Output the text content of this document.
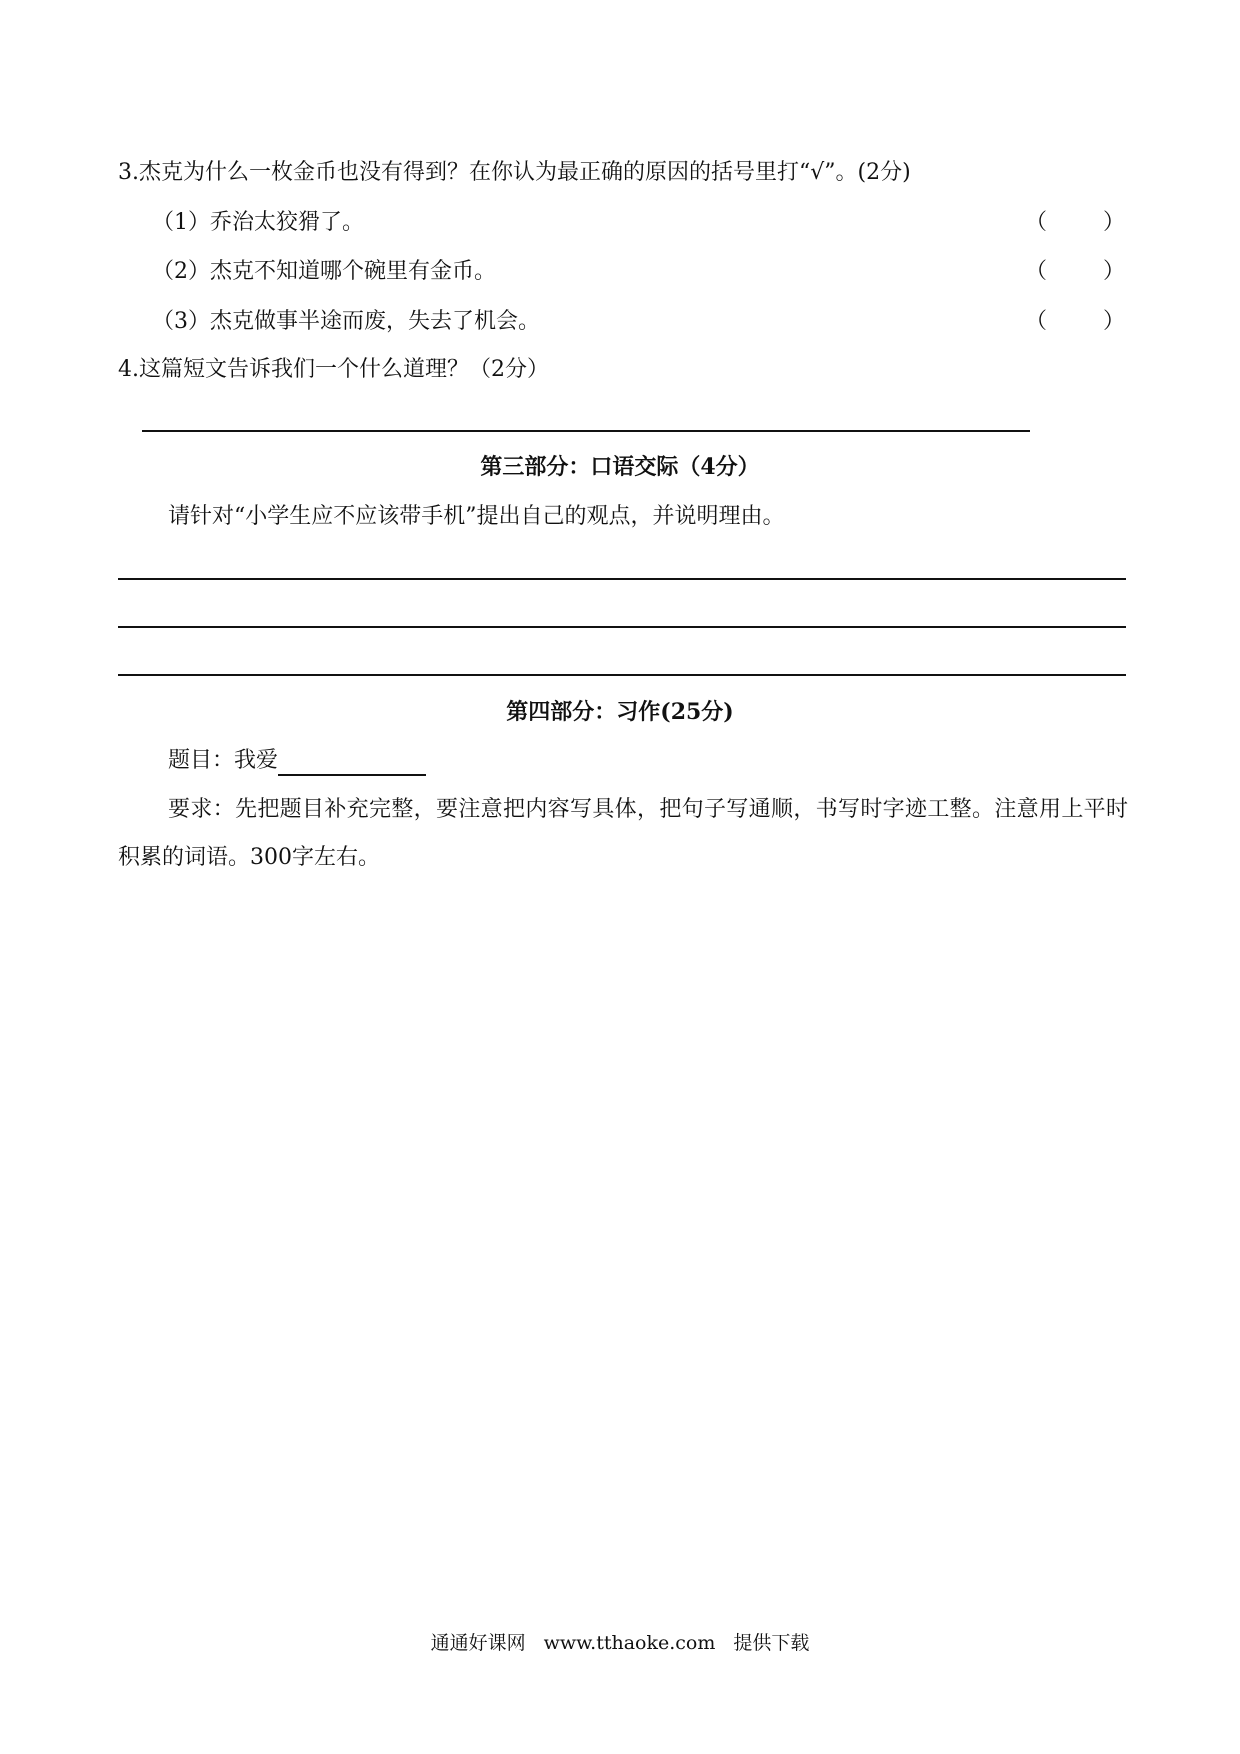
3.杰克为什么一枚金币也没有得到？在你认为最正确的原因的括号里打“√”。(2分)
（1）乔治太狡猾了。	（        ）
（2）杰克不知道哪个碗里有金币。	（        ）
（3）杰克做事半途而废，失去了机会。	（        ）
4.这篇短文告诉我们一个什么道理？（2分）
第三部分：口语交际（4分）
请针对“小学生应不应该带手机”提出自己的观点，并说明理由。
第四部分：习作(25分)
题目：我爱
要求：先把题目补充完整，要注意把内容写具体，把句子写通顺，书写时字迹工整。注意用上平时积累的词语。300字左右。
通通好课网 www.tthaoke.com 提供下载
